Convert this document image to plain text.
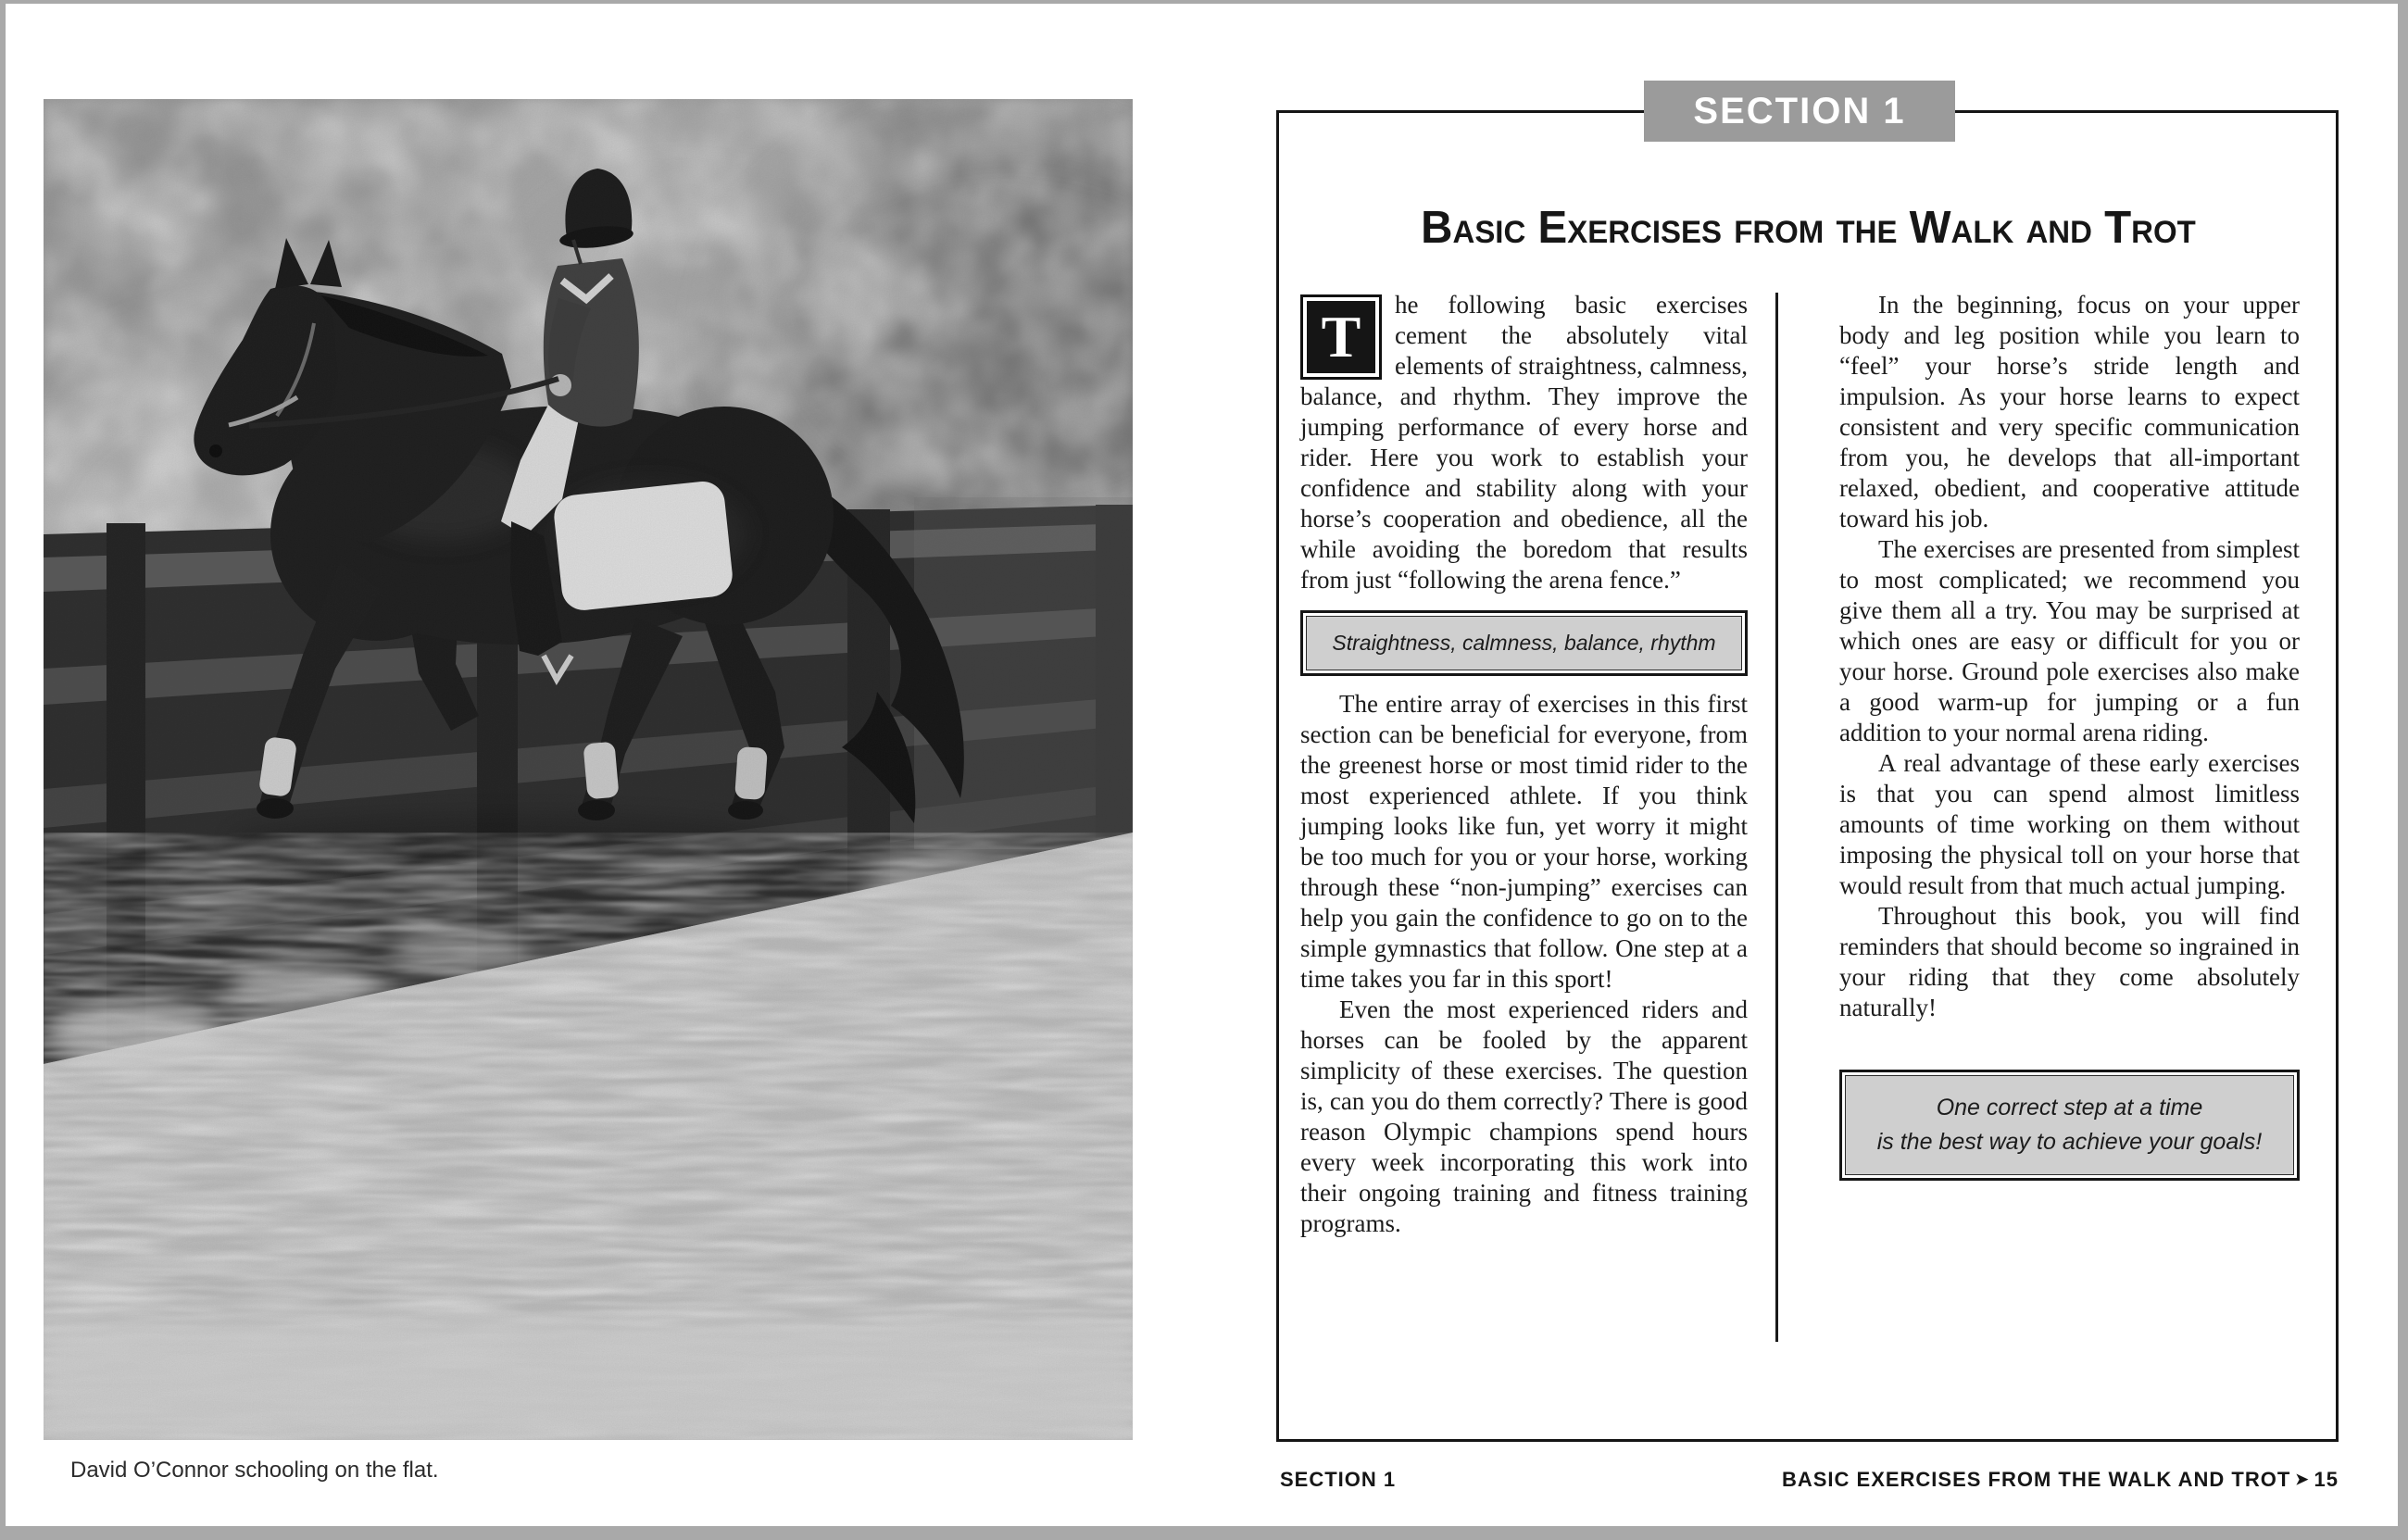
David O’Connor schooling on the flat.
SECTION 1
Basic Exercises from the Walk and Trot

T	he following basic exercises cement the absolutely vital elements of straightness, calmness, balance, and rhythm. They improve the jumping performance of every horse and rider. Here you work to establish your confidence and stability along with your horse’s cooperation and obedience, all the while avoiding the boredom that results from just “following the arena fence.”

Straightness, calmness, balance, rhythm

The entire array of exercises in this first section can be beneficial for everyone, from the greenest horse or most timid rider to the most experienced athlete. If you think jumping looks like fun, yet worry it might be too much for you or your horse, working through these “non-jumping” exercises can help you gain the confidence to go on to the simple gymnastics that follow. One step at a time takes you far in this sport!

Even the most experienced riders and horses can be fooled by the apparent simplicity of these exercises. The question is, can you do them correctly? There is good reason Olympic champions spend hours every week incorporating this work into their ongoing training and fitness training programs.

In the beginning, focus on your upper body and leg position while you learn to “feel” your horse’s stride length and impulsion. As your horse learns to expect consistent and very specific communication from you, he develops that all-important relaxed, obedient, and cooperative attitude toward his job.

The exercises are presented from simplest to most complicated; we recommend you give them all a try. You may be surprised at which ones are easy or difficult for you or your horse. Ground pole exercises also make a good warm-up for jumping or a fun addition to your normal arena riding.

A real advantage of these early exercises is that you can spend almost limitless amounts of time working on them without imposing the physical toll on your horse that would result from that much actual jumping.

Throughout this book, you will find reminders that should become so ingrained in your riding that they come absolutely naturally!

One correct step at a time
is the best way to achieve your goals!
SECTION 1	BASIC EXERCISES FROM THE WALK AND TROT ➤ 15
